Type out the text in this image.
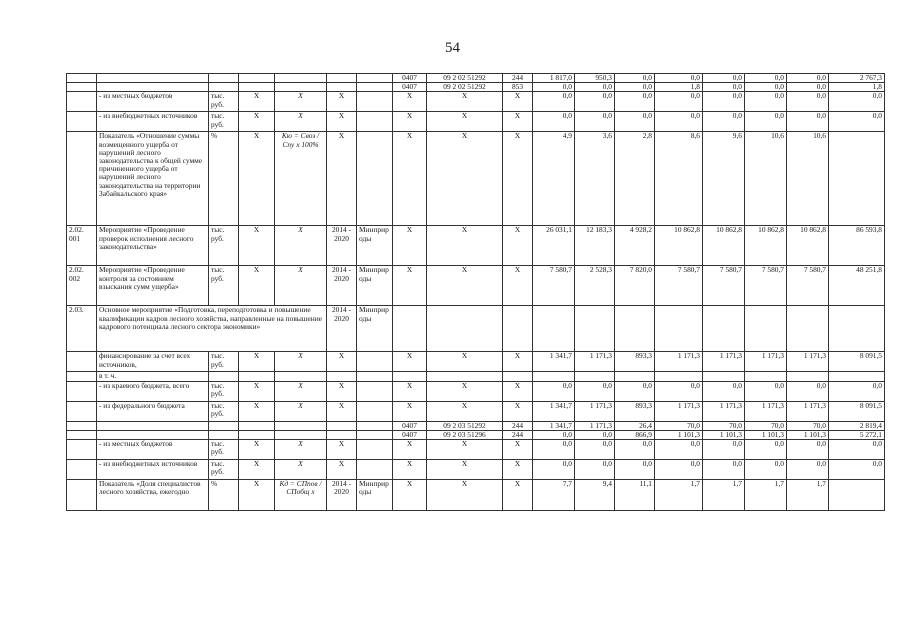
54
							0407	09 2 02 51292	244	1 817,0	950,3	0,0	0,0	0,0	0,0	0,0	2 767,3
							0407	09 2 02 51292	853	0,0	0,0	0,0	1,8	0,0	0,0	0,0	1,8
	- из местных бюджетов	тыс. руб.	X	X	X		X	X	X	0,0	0,0	0,0	0,0	0,0	0,0	0,0	0,0
	- из внебюджетных источников	тыс. руб.	X	X	X		X	X	X	0,0	0,0	0,0	0,0	0,0	0,0	0,0	0,0
	Показатель «Отношение суммы возмещенного ущерба от нарушений лесного законодательства к общей сумме причиненного ущерба от нарушений лесного законодательства на территории Забайкальского края»	%	X	Кю = Своз / Спу х 100%	X		X	X	X	4,9	3,6	2,8	8,6	9,6	10,6	10,6	
2.02. 001	Мероприятие «Проведение проверок исполнения лесного законодательства»	тыс. руб.	X	X	2014 - 2020	Минприроды	X	X	X	26 031,1	12 183,3	4 928,2	10 862,8	10 862,8	10 862,8	10 862,8	86 593,8
2.02. 002	Мероприятие «Проведение контроля за состоянием взыскания сумм ущерба»	тыс. руб.	X	X	2014 - 2020	Минприроды	X	X	X	7 580,7	2 528,3	7 820,0	7 580,7	7 580,7	7 580,7	7 580,7	48 251,8
2.03.	Основное мероприятие «Подготовка, переподготовка и повышение квалификации кадров лесного хозяйства, направленные на повышение кадрового потенциала лесного сектора экономики»				2014 - 2020	Минприроды											
	финансирование за счет всех источников,	тыс. руб.	X	X	X		X	X	X	1 341,7	1 171,3	893,3	1 171,3	1 171,3	1 171,3	1 171,3	8 091,5
	в т. ч.																
	- из краевого бюджета, всего	тыс. руб.	X	X	X		X	X	X	0,0	0,0	0,0	0,0	0,0	0,0	0,0	0,0
	- из федерального бюджета	тыс. руб.	X	X	X		X	X	X	1 341,7	1 171,3	893,3	1 171,3	1 171,3	1 171,3	1 171,3	8 091,5
							0407	09 2 03 51292	244	1 341,7	1 171,3	26,4	70,0	70,0	70,0	70,0	2 819,4
							0407	09 2 03 51296	244	0,0	0,0	866,9	1 101,3	1 101,3	1 101,3	1 101,3	5 272,1
	- из местных бюджетов	тыс. руб.	X	X	X		X	X	X	0,0	0,0	0,0	0,0	0,0	0,0	0,0	0,0
	- из внебюджетных источников	тыс. руб.	X	X	X		X	X	X	0,0	0,0	0,0	0,0	0,0	0,0	0,0	0,0
	Показатель «Доля специалистов лесного хозяйства, ежегодно	%	X	Кд = СПпов / СПобщ х	2014 - 2020	Минприроды	X	X	X	7,7	9,4	11,1	1,7	1,7	1,7	1,7	
